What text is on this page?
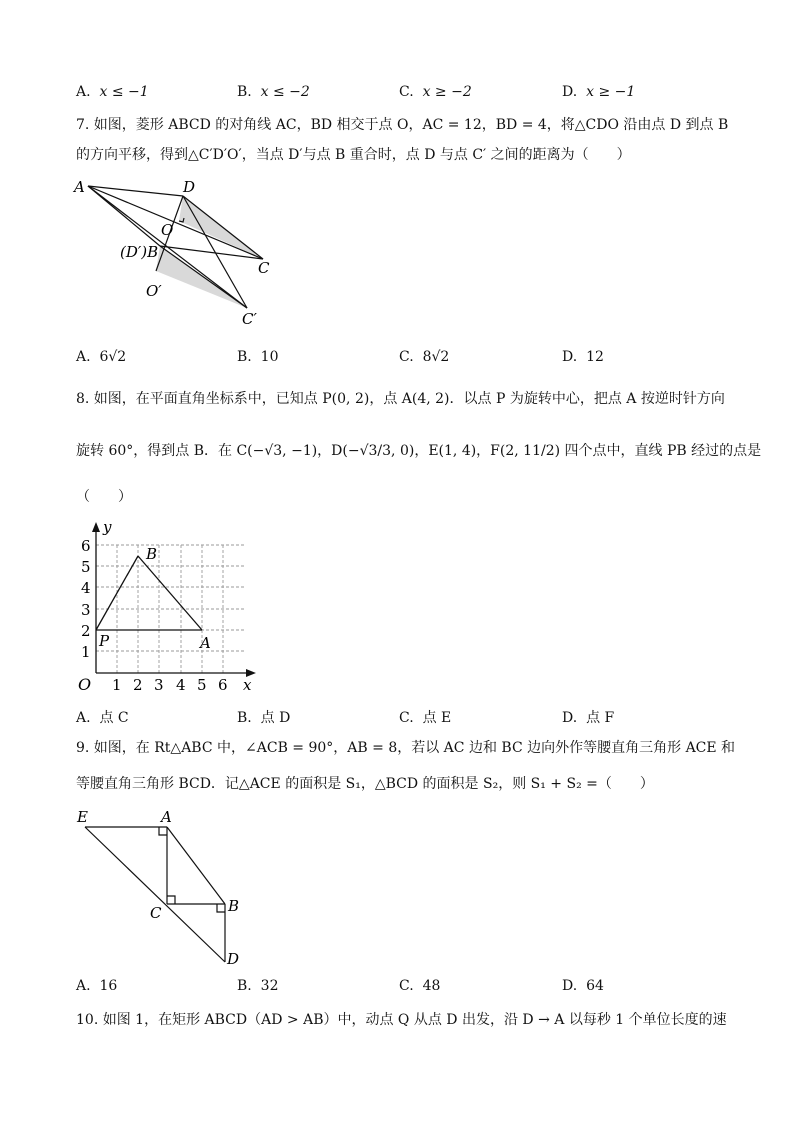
A. x ≤ −1	B. x ≤ −2	C. x ≥ −2	D. x ≥ −1
7. 如图，菱形 ABCD 的对角线 AC，BD 相交于点 O，AC = 12，BD = 4，将△CDO 沿由点 D 到点 B
的方向平移，得到△C′D′O′，当点 D′与点 B 重合时，点 D 与点 C′ 之间的距离为（　　）
A	D
O
(D′)B
C
O′
C′
A. 6√2	B. 10	C. 8√2	D. 12
8. 如图，在平面直角坐标系中，已知点 P(0, 2)，点 A(4, 2)．以点 P 为旋转中心，把点 A 按逆时针方向
旋转 60°，得到点 B．在 C(−√3, −1)，D(−√3/3, 0)，E(1, 4)，F(2, 11/2) 四个点中，直线 PB 经过的点是
（　　）
y
x
O
P	A
B
1 2 3 4 5 6
1
2
3
4
5
6
A. 点 C	B. 点 D	C. 点 E	D. 点 F
9. 如图，在 Rt△ABC 中，∠ACB = 90°，AB = 8，若以 AC 边和 BC 边向外作等腰直角三角形 ACE 和
等腰直角三角形 BCD．记△ACE 的面积是 S₁，△BCD 的面积是 S₂，则 S₁ + S₂ =（　　）
E	A
C	B
D
A. 16	B. 32	C. 48	D. 64
10. 如图 1，在矩形 ABCD（AD > AB）中，动点 Q 从点 D 出发，沿 D → A 以每秒 1 个单位长度的速
